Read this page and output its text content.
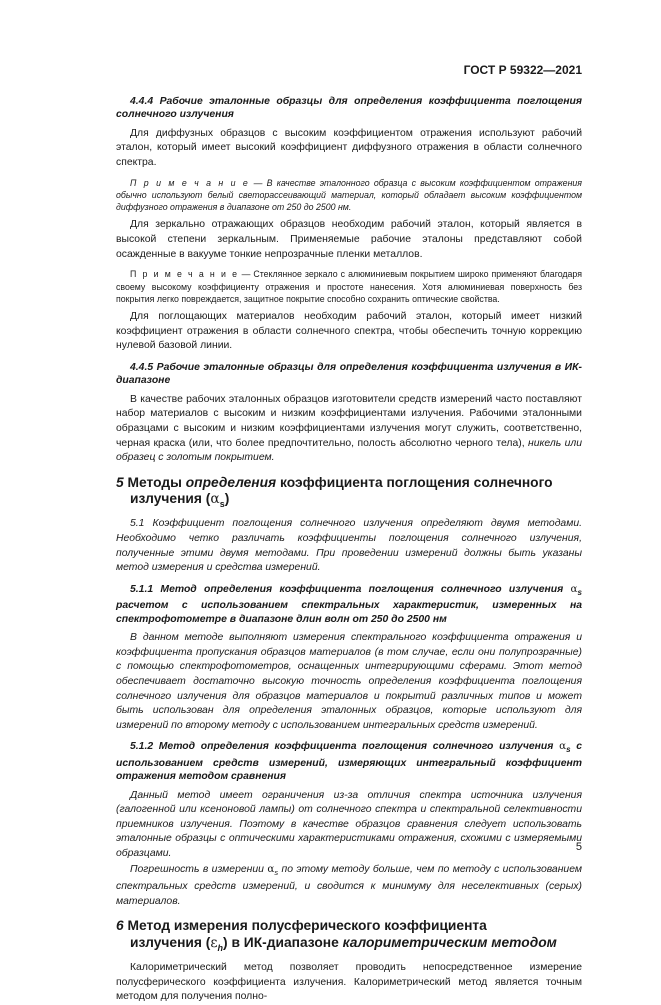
ГОСТ Р 59322—2021
4.4.4 Рабочие эталонные образцы для определения коэффициента поглощения солнечного излучения
Для диффузных образцов с высоким коэффициентом отражения используют рабочий эталон, который имеет высокий коэффициент диффузного отражения в области солнечного спектра.
П р и м е ч а н и е — В качестве эталонного образца с высоким коэффициентом отражения обычно используют белый светорассеивающий материал, который обладает высоким коэффициентом диффузного отражения в диапазоне от 250 до 2500 нм.
Для зеркально отражающих образцов необходим рабочий эталон, который является в высокой степени зеркальным. Применяемые рабочие эталоны представляют собой осажденные в вакууме тонкие непрозрачные пленки металлов.
П р и м е ч а н и е — Стеклянное зеркало с алюминиевым покрытием широко применяют благодаря своему высокому коэффициенту отражения и простоте нанесения. Хотя алюминиевая поверхность без покрытия легко повреждается, защитное покрытие способно сохранить оптические свойства.
Для поглощающих материалов необходим рабочий эталон, который имеет низкий коэффициент отражения в области солнечного спектра, чтобы обеспечить точную коррекцию нулевой базовой линии.
4.4.5 Рабочие эталонные образцы для определения коэффициента излучения в ИК-диапазоне
В качестве рабочих эталонных образцов изготовители средств измерений часто поставляют набор материалов с высоким и низким коэффициентами излучения. Рабочими эталонными образцами с высоким и низким коэффициентами излучения могут служить, соответственно, черная краска (или, что более предпочтительно, полость абсолютно черного тела), никель или образец с золотым покрытием.
5 Методы определения коэффициента поглощения солнечного
излучения $(\alpha_s)$
5.1 Коэффициент поглощения солнечного излучения определяют двумя методами. Необходимо четко различать коэффициенты поглощения солнечного излучения, полученные этими двумя методами. При проведении измерений должны быть указаны метод измерения и средства измерений.
5.1.1 Метод определения коэффициента поглощения солнечного излучения $\alpha_s$ расчетом с использованием спектральных характеристик, измеренных на спектрофотометре в диапазоне длин волн от 250 до 2500 нм
В данном методе выполняют измерения спектрального коэффициента отражения и коэффициента пропускания образцов материалов (в том случае, если они полупрозрачные) с помощью спектрофотометров, оснащенных интегрирующими сферами. Этот метод обеспечивает достаточно высокую точность определения коэффициента поглощения солнечного излучения для образцов материалов и покрытий различных типов и может быть использован для определения эталонных образцов, которые используют для измерений по второму методу с использованием интегральных средств измерений.
5.1.2 Метод определения коэффициента поглощения солнечного излучения $\alpha_s$ с использованием средств измерений, измеряющих интегральный коэффициент отражения методом сравнения
Данный метод имеет ограничения из-за отличия спектра источника излучения (галогенной или ксеноновой лампы) от солнечного спектра и спектральной селективности приемников излучения. Поэтому в качестве образцов сравнения следует использовать эталонные образцы с оптическими характеристиками отражения, схожими с измеряемыми образцами.
Погрешность в измерении $\alpha_s$ по этому методу больше, чем по методу с использованием спектральных средств измерений, и сводится к минимуму для неселективных (серых) материалов.
6 Метод измерения полусферического коэффициента
излучения $(\varepsilon_h)$ в ИК-диапазоне калориметрическим методом
Калориметрический метод позволяет проводить непосредственное измерение полусферического коэффициента излучения. Калориметрический метод является точным методом для получения полно-
5
